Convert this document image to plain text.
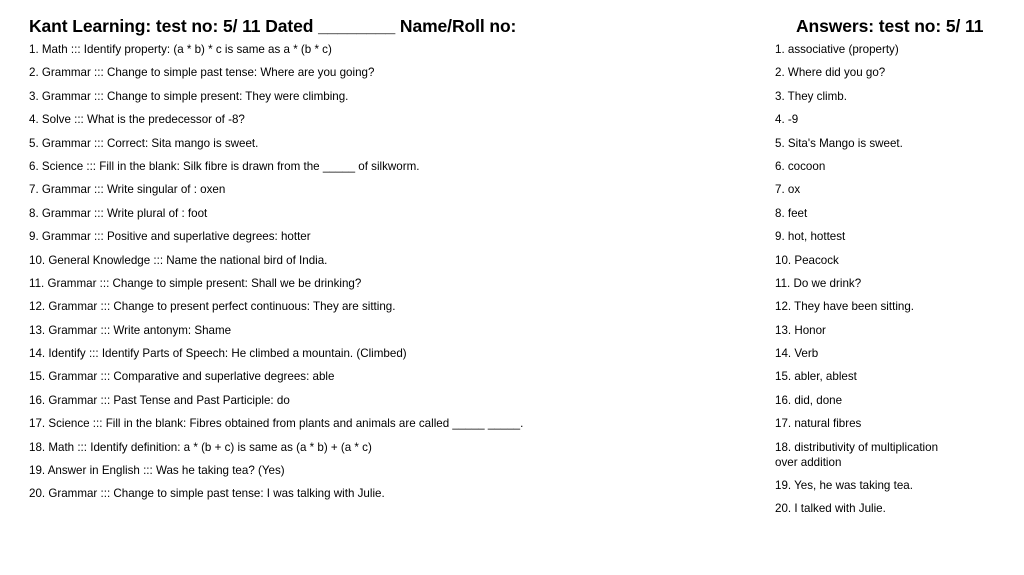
Kant Learning: test no: 5/ 11 Dated ________ Name/Roll no:	Answers: test no: 5/ 11
1. Math ::: Identify property: (a * b) * c is same as a * (b * c)
2. Grammar ::: Change to simple past tense: Where are you going?
3. Grammar ::: Change to simple present: They were climbing.
4. Solve ::: What is the predecessor of -8?
5. Grammar ::: Correct: Sita mango is sweet.
6. Science ::: Fill in the blank: Silk fibre is drawn from the _____ of silkworm.
7. Grammar ::: Write singular of : oxen
8. Grammar ::: Write plural of : foot
9. Grammar ::: Positive and superlative degrees: hotter
10. General Knowledge ::: Name the national bird of India.
11. Grammar ::: Change to simple present: Shall we be drinking?
12. Grammar ::: Change to present perfect continuous: They are sitting.
13. Grammar ::: Write antonym: Shame
14. Identify ::: Identify Parts of Speech: He climbed a mountain. (Climbed)
15. Grammar ::: Comparative and superlative degrees: able
16. Grammar ::: Past Tense and Past Participle: do
17. Science ::: Fill in the blank: Fibres obtained from plants and animals are called _____ _____.
18. Math ::: Identify definition: a * (b + c) is same as (a * b) + (a * c)
19. Answer in English ::: Was he taking tea? (Yes)
20. Grammar ::: Change to simple past tense: I was talking with Julie.
1. associative (property)
2. Where did you go?
3. They climb.
4. -9
5. Sita's Mango is sweet.
6. cocoon
7. ox
8. feet
9. hot, hottest
10. Peacock
11. Do we drink?
12. They have been sitting.
13. Honor
14. Verb
15. abler, ablest
16. did, done
17. natural fibres
18. distributivity of multiplication
over addition
19. Yes, he was taking tea.
20. I talked with Julie.
